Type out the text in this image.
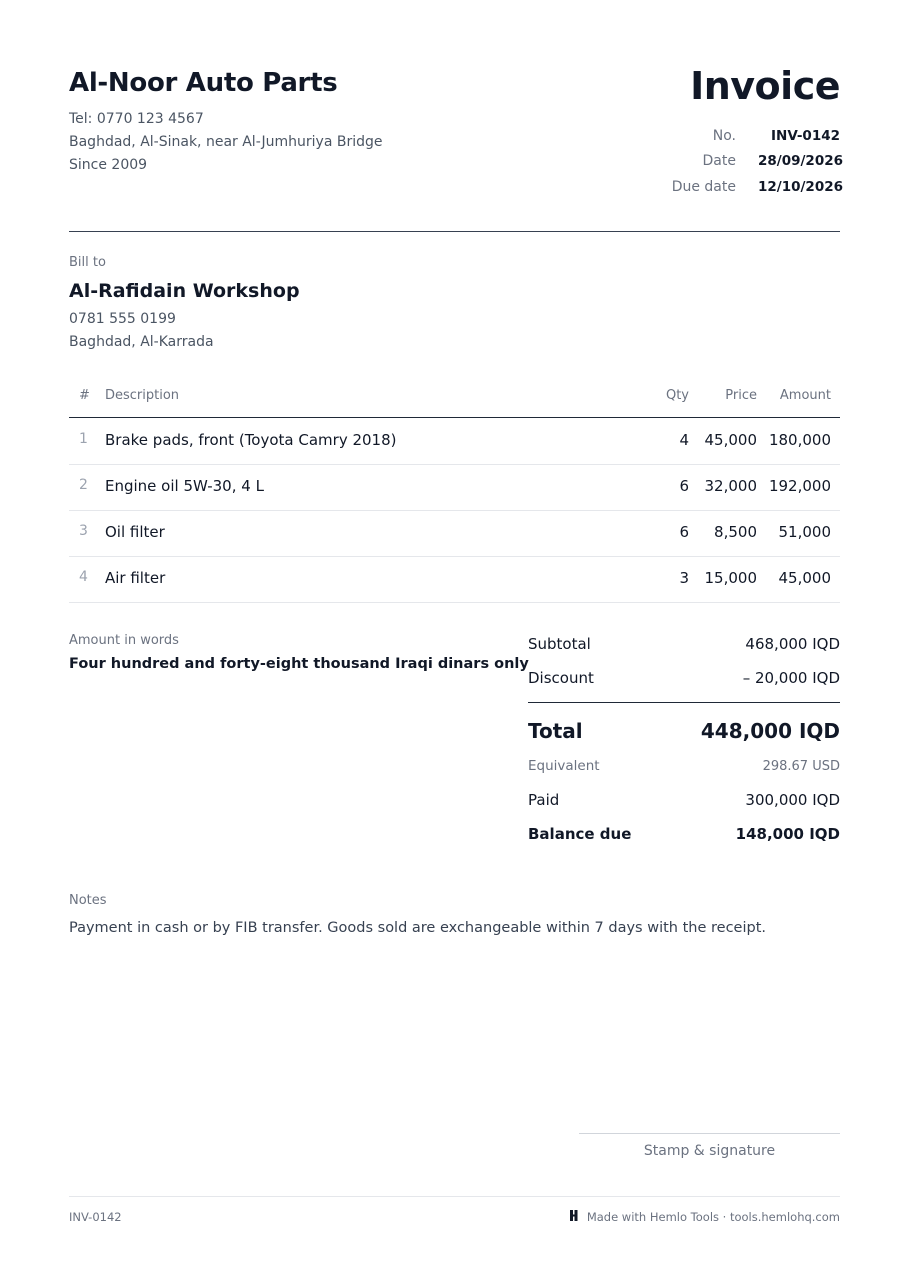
Al-Noor Auto Parts
Tel: 0770 123 4567
Baghdad, Al-Sinak, near Al-Jumhuriya Bridge
Since 2009
Invoice
No.	INV-0142
Date 28/09/2026
Due date 12/10/2026
Bill to
Al-Rafidain Workshop
0781 555 0199
Baghdad, Al-Karrada
# Description	Qty	Price Amount
1 Brake pads, front (Toyota Camry 2018)	4 45,000 180,000
2 Engine oil 5W-30, 4 L	6 32,000 192,000
3 Oil filter	6 8,500 51,000
4 Air filter	3 15,000 45,000
Amount in words
Four hundred and forty-eight thousand Iraqi dinars only
Subtotal	468,000 IQD
Discount	– 20,000 IQD
Total	448,000 IQD
Equivalent	298.67 USD
Paid	300,000 IQD
Balance due	148,000 IQD
Notes
Payment in cash or by FIB transfer. Goods sold are exchangeable within 7 days with the receipt.
Stamp & signature
INV-0142	Made with Hemlo Tools · tools.hemlohq.com
